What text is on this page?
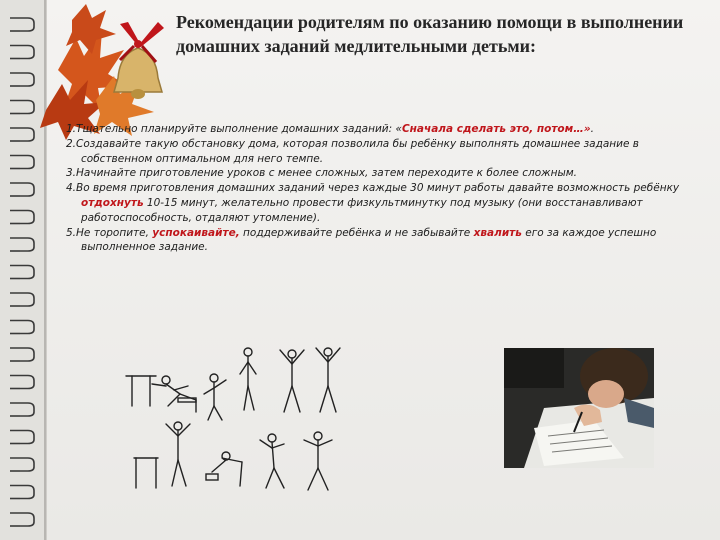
Рекомендации родителям по оказанию помощи в выполнении домашних заданий медлительными детьми:
1.Тщательно планируйте выполнение домашних заданий: «Сначала сделать это, потом…».
2.Создавайте такую обстановку дома, которая позволила бы ребёнку выполнять домашнее задание в собственном оптимальном для него темпе.
3.Начинайте приготовление уроков с менее сложных, затем переходите к более сложным.
4.Во время приготовления домашних заданий через каждые 30 минут работы давайте возможность ребёнку отдохнуть 10-15 минут, желательно провести физкультминутку под музыку (они восстанавливают работоспособность, отдаляют утомление).
5.Не торопите, успокаивайте, поддерживайте ребёнка и не забывайте хвалить его за каждое успешно выполненное задание.
